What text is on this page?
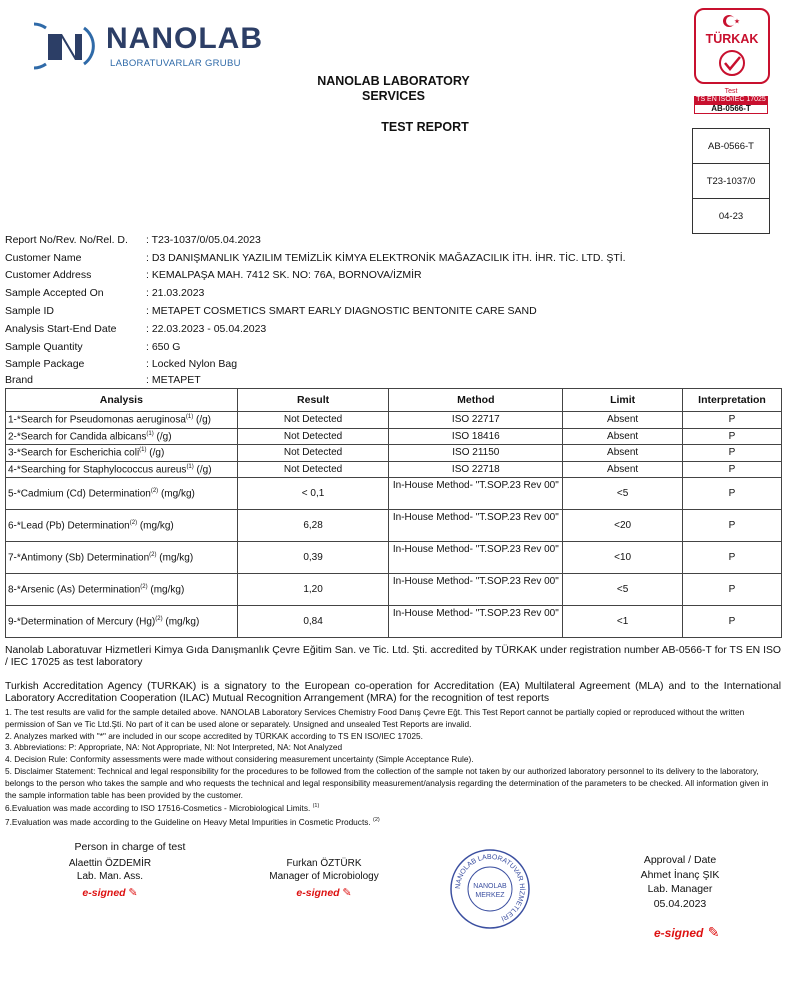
NANOLAB
LABORATUVARLAR GRUBU
NANOLAB LABORATORY
SERVICES
TEST REPORT
TÜRKAK
Test
TS EN ISO/IEC 17025
AB-0566-T
AB-0566-T
T23-1037/0
04-23
Report No/Rev. No/Rel. D.	: T23-1037/0/05.04.2023
Customer Name	: D3 DANIŞMANLIK YAZILIM TEMİZLİK KİMYA ELEKTRONİK MAĞAZACILIK İTH. İHR. TİC. LTD. ŞTİ.
Customer Address	: KEMALPAŞA MAH. 7412 SK. NO: 76A, BORNOVA/İZMİR
Sample Accepted On	: 21.03.2023
Sample ID	: METAPET COSMETICS SMART EARLY DIAGNOSTIC BENTONITE CARE SAND
Analysis Start-End Date	: 22.03.2023 - 05.04.2023
Sample Quantity	: 650 G
Sample Package	: Locked Nylon Bag
Brand	: METAPET
Analysis	Result	Method	Limit	Interpretation
1-*Search for Pseudomonas aeruginosa$^{(1)}$ (/g)	Not Detected	ISO 22717	Absent	P
2-*Search for Candida albicans$^{(1)}$ (/g)	Not Detected	ISO 18416	Absent	P
3-*Search for Escherichia coli$^{(1)}$ (/g)	Not Detected	ISO 21150	Absent	P
4-*Searching for Staphylococcus aureus$^{(1)}$ (/g)	Not Detected	ISO 22718	Absent	P
5-*Cadmium (Cd) Determination$^{(2)}$ (mg/kg)	< 0,1	In-House Method- "T.SOP.23 Rev 00"	<5	P
6-*Lead (Pb) Determination$^{(2)}$ (mg/kg)	6,28	In-House Method- "T.SOP.23 Rev 00"	<20	P
7-*Antimony (Sb) Determination$^{(2)}$ (mg/kg)	0,39	In-House Method- "T.SOP.23 Rev 00"	<10	P
8-*Arsenic (As) Determination$^{(2)}$ (mg/kg)	1,20	In-House Method- "T.SOP.23 Rev 00"	<5	P
9-*Determination of Mercury $(Hg)^{(2)}$ (mg/kg)	0,84	In-House Method- "T.SOP.23 Rev 00"	<1	P
Nanolab Laboratuvar Hizmetleri Kimya Gıda Danışmanlık Çevre Eğitim San. ve Tic. Ltd. Şti. accredited by TÜRKAK under registration number AB-0566-T for TS EN ISO / IEC 17025 as test laboratory
Turkish Accreditation Agency (TURKAK) is a signatory to the European co-operation for Accreditation (EA) Multilateral Agreement (MLA) and to the International Laboratory Accreditation Cooperation (ILAC) Mutual Recognition Arrangement (MRA) for the recognition of test reports
1. The test results are valid for the sample detailed above. NANOLAB Laboratory Services Chemistry Food Danış Çevre Eğt. This Test Report cannot be partially copied or reproduced without the written permission of San ve Tic Ltd.Şti. No part of it can be used alone or separately. Unsigned and unsealed Test Reports are invalid.
2. Analyzes marked with "*" are included in our scope accredited by TÜRKAK according to TS EN ISO/IEC 17025.
3. Abbreviations: P: Appropriate, NA: Not Appropriate, NI: Not Interpreted, NA: Not Analyzed
4. Decision Rule: Conformity assessments were made without considering measurement uncertainty (Simple Acceptance Rule).
5. Disclaimer Statement: Technical and legal responsibility for the procedures to be followed from the collection of the sample not taken by our authorized laboratory personnel to its delivery to the laboratory, belongs to the person who takes the sample and who requests the technical and legal responsibility measurement/analysis regarding the determination of the parameters to be checked. All information given in the sample information table has been provided by the customer.
6.Evaluation was made according to ISO 17516-Cosmetics - Microbiological Limits. $^{(1)}$
7.Evaluation was made according to the Guideline on Heavy Metal Impurities in Cosmetic Products. $^{(2)}$
Person in charge of test
Alaettin ÖZDEMİR
Lab. Man. Ass.
e-signed ✎
Furkan ÖZTÜRK
Manager of Microbiology
e-signed ✎
NANOLAB LABORATUVAR HİZMETLERİ
NANOLAB
MERKEZ
Approval / Date
Ahmet İnanç ŞIK
Lab. Manager
05.04.2023
e-signed ✎
